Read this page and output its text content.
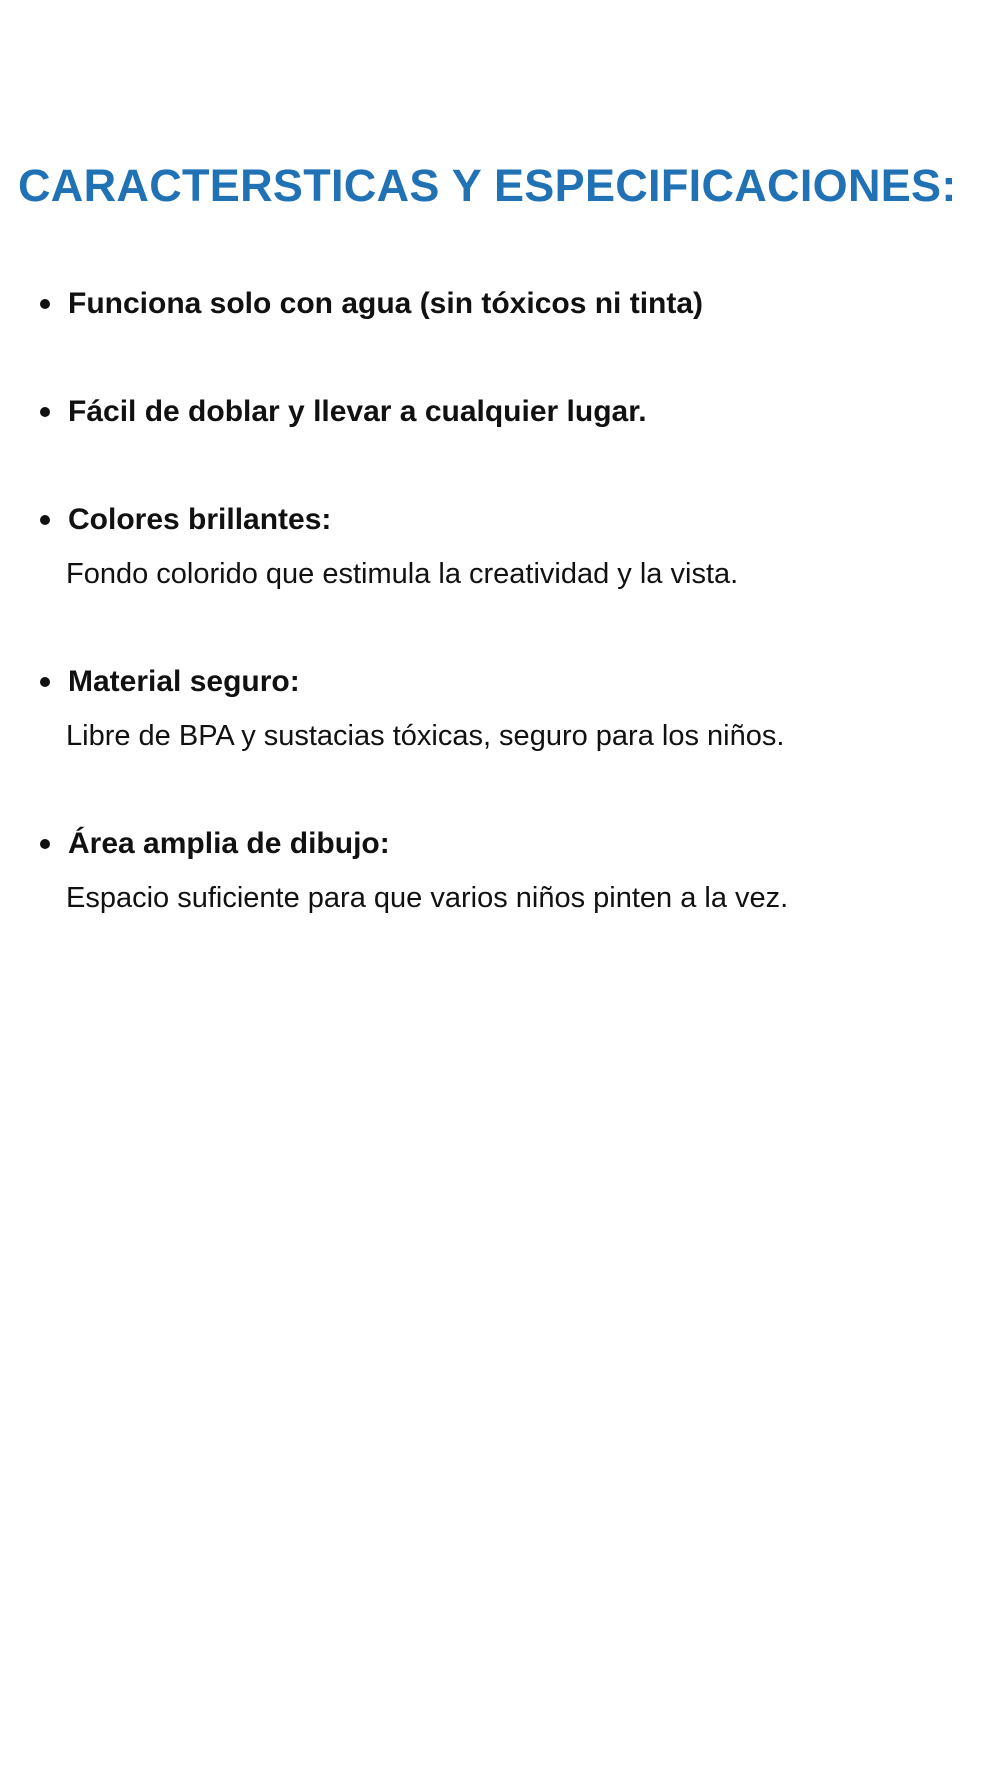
CARACTERSTICAS Y ESPECIFICACIONES:
Funciona solo con agua (sin tóxicos ni tinta)
Fácil de doblar y llevar a cualquier lugar.
Colores brillantes:
Fondo colorido que estimula la creatividad y la vista.
Material seguro:
Libre de BPA y sustacias tóxicas, seguro para los niños.
Área amplia de dibujo:
Espacio suficiente para que varios niños pinten a la vez.
